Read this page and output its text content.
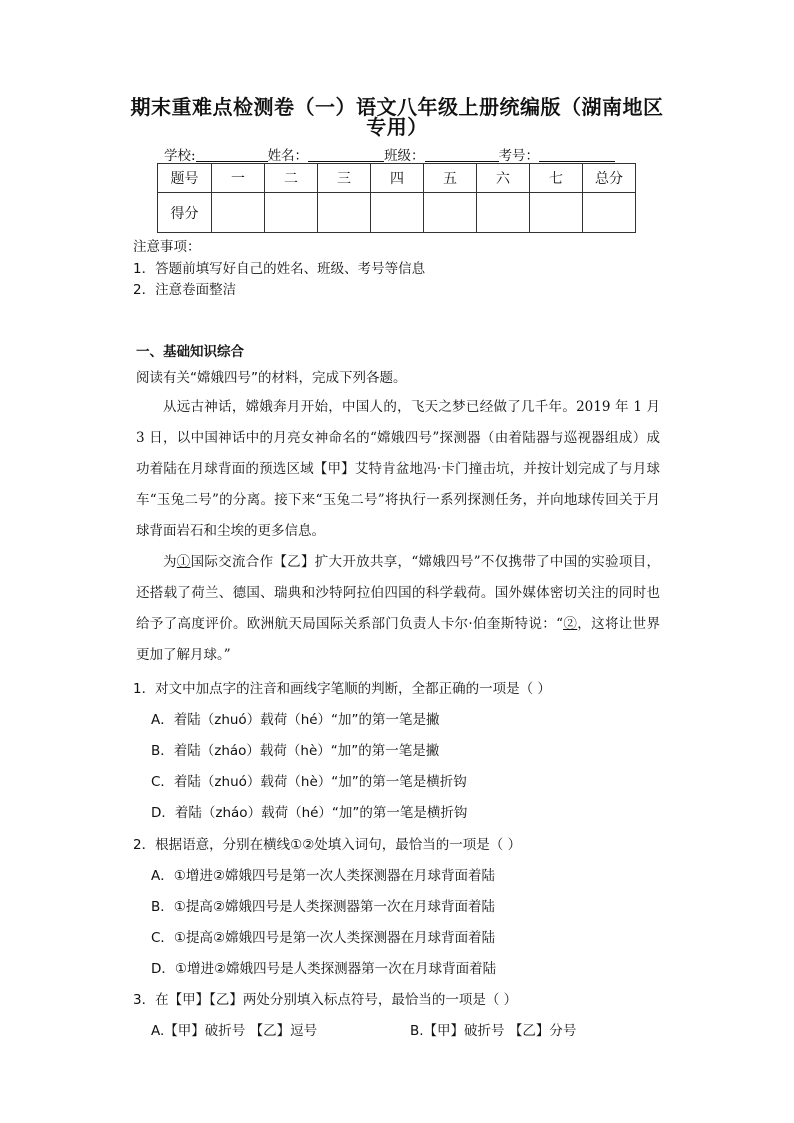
期末重难点检测卷（一）语文八年级上册统编版（湖南地区
专用）
学校:	姓名：	班级：	考号：
题号	一	二	三	四	五	六	七	总分
得分								
注意事项：
1．答题前填写好自己的姓名、班级、考号等信息
2．注意卷面整洁
一、基础知识综合
阅读有关“嫦娥四号”的材料，完成下列各题。
从远古神话，嫦娥奔月开始，中国人的，飞天之梦已经做了几千年。2019 年 1 月 3 日，以中国神话中的月亮女神命名的“嫦娥四号”探测器（由着陆器与巡视器组成）成功着陆在月球背面的预选区域【甲】艾特肯盆地冯·卡门撞击坑，并按计划完成了与月球车“玉兔二号”的分离。接下来“玉兔二号”将执行一系列探测任务，并向地球传回关于月球背面岩石和尘埃的更多信息。
为①国际交流合作【乙】扩大开放共享，“嫦娥四号”不仅携带了中国的实验项目，还搭载了荷兰、德国、瑞典和沙特阿拉伯四国的科学载荷。国外媒体密切关注的同时也给予了高度评价。欧洲航天局国际关系部门负责人卡尔·伯奎斯特说：“②，这将让世界更加了解月球。”
1．对文中加点字的注音和画线字笔顺的判断，全都正确的一项是（ ）
A．着陆（zhuó）载荷（hé）“加”的第一笔是撇
B．着陆（zháo）载荷（hè）“加”的第一笔是撇
C．着陆（zhuó）载荷（hè）“加”的第一笔是横折钩
D．着陆（zháo）载荷（hé）“加”的第一笔是横折钩
2．根据语意，分别在横线①②处填入词句，最恰当的一项是（ ）
A．①增进②嫦娥四号是第一次人类探测器在月球背面着陆
B．①提高②嫦娥四号是人类探测器第一次在月球背面着陆
C．①提高②嫦娥四号是第一次人类探测器在月球背面着陆
D．①增进②嫦娥四号是人类探测器第一次在月球背面着陆
3．在【甲】【乙】两处分别填入标点符号，最恰当的一项是（ ）
A.【甲】破折号 【乙】逗号	B.【甲】破折号 【乙】分号
